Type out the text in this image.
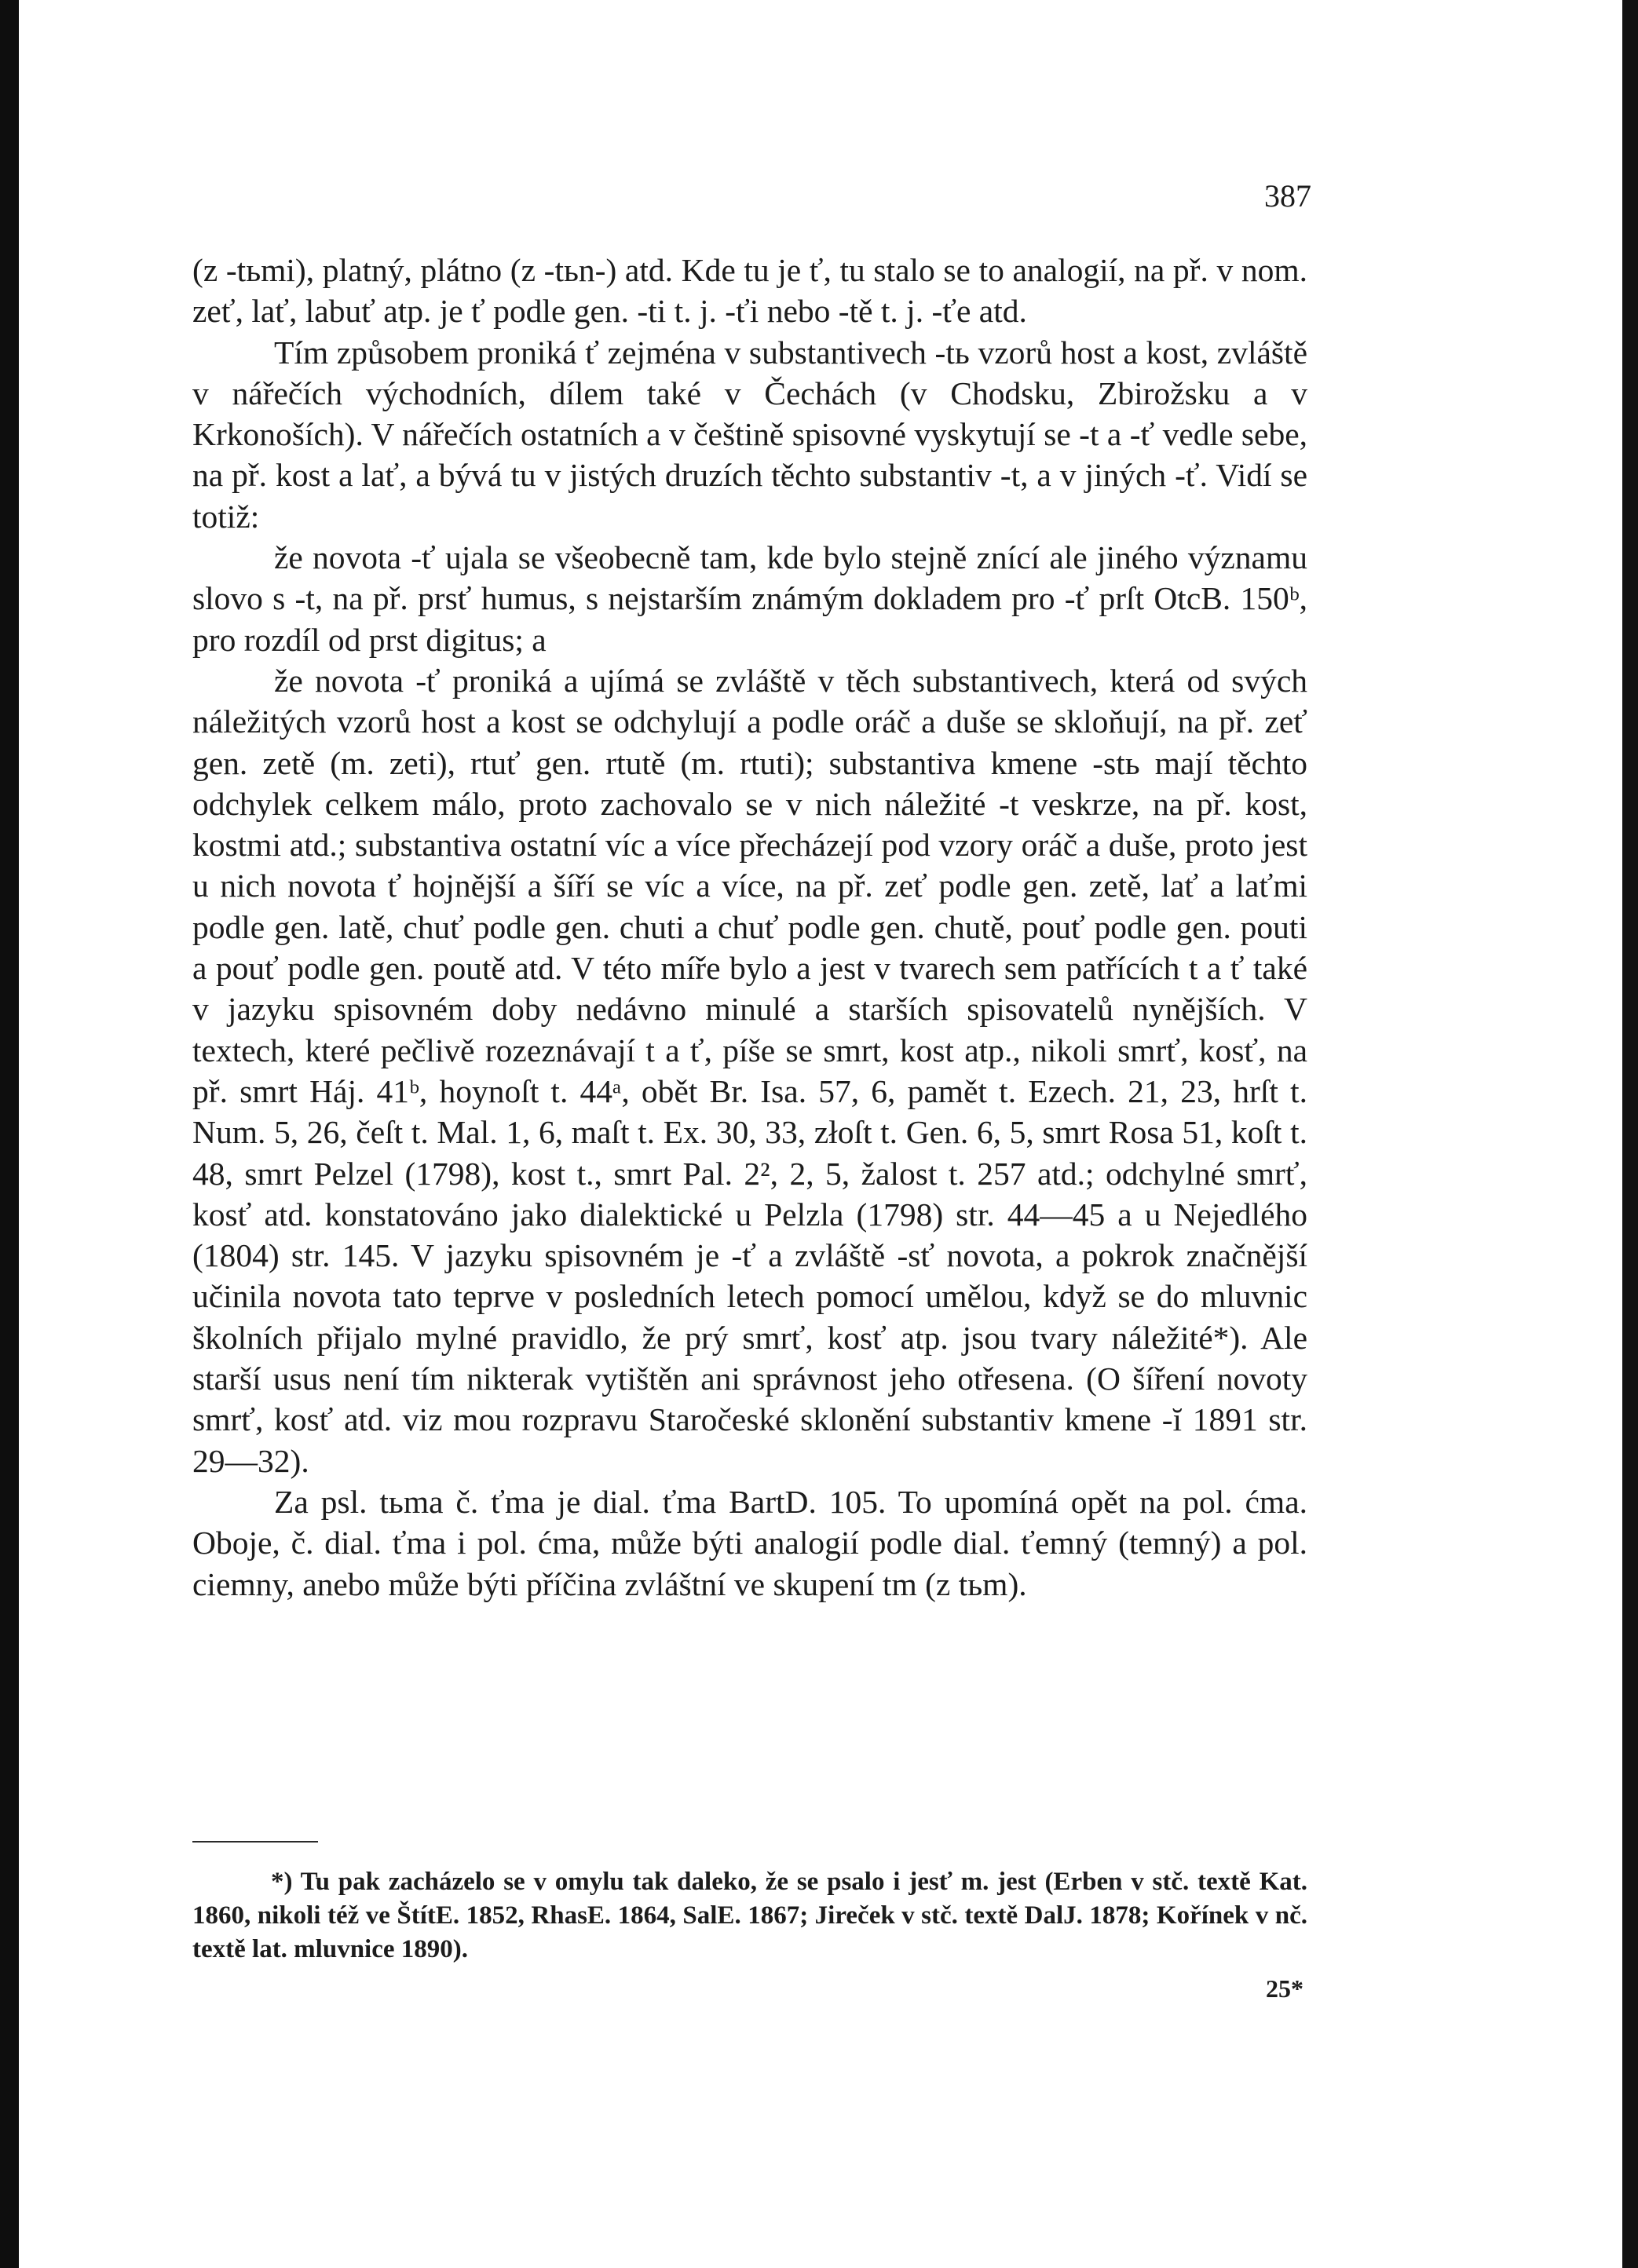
387

(z -tьmi), platný, plátno (z -tьn-) atd. Kde tu je ť, tu stalo se to analogií, na př. v nom. zeť, lať, labuť atp. je ť podle gen. -ti t. j. -ťi nebo -tě t. j. -ťe atd.

Tím způsobem proniká ť zejména v substantivech -tь vzorů host a kost, zvláště v nářečích východních, dílem také v Čechách (v Chodsku, Zbirožsku a v Krkonoších). V nářečích ostatních a v češtině spisovné vyskytují se -t a -ť vedle sebe, na př. kost a lať, a bývá tu v jistých druzích těchto substantiv -t, a v jiných -ť. Vidí se totiž:

že novota -ť ujala se všeobecně tam, kde bylo stejně znící ale jiného významu slovo s -t, na př. prsť humus, s nejstarším známým dokladem pro -ť prſt OtcB. 150ᵇ, pro rozdíl od prst digitus; a

že novota -ť proniká a ujímá se zvláště v těch substantivech, která od svých náležitých vzorů host a kost se odchylují a podle oráč a duše se skloňují, na př. zeť gen. zetě (m. zeti), rtuť gen. rtutě (m. rtuti); substantiva kmene -stь mají těchto odchylek celkem málo, proto zachovalo se v nich náležité -t veskrze, na př. kost, kostmi atd.; substantiva ostatní víc a více přecházejí pod vzory oráč a duše, proto jest u nich novota ť hojnější a šíří se víc a více, na př. zeť podle gen. zetě, lať a laťmi podle gen. latě, chuť podle gen. chuti a chuť podle gen. chutě, pouť podle gen. pouti a pouť podle gen. poutě atd. V této míře bylo a jest v tvarech sem patřících t a ť také v jazyku spisovném doby nedávno minulé a starších spisovatelů nynějších. V textech, které pečlivě rozeznávají t a ť, píše se smrt, kost atp., nikoli smrť, kosť, na př. smrt Háj. 41ᵇ, hoynoſt t. 44ᵃ, obět Br. Isa. 57, 6, pamět t. Ezech. 21, 23, hrſt t. Num. 5, 26, čeſt t. Mal. 1, 6, maſt t. Ex. 30, 33, złoſt t. Gen. 6, 5, smrt Rosa 51, koſt t. 48, smrt Pelzel (1798), kost t., smrt Pal. 2², 2, 5, žalost t. 257 atd.; odchylné smrť, kosť atd. konstatováno jako dialektické u Pelzla (1798) str. 44—45 a u Nejedlého (1804) str. 145. V jazyku spisovném je -ť a zvláště -sť novota, a pokrok značnější učinila novota tato teprve v posledních letech pomocí umělou, když se do mluvnic školních přijalo mylné pravidlo, že prý smrť, kosť atp. jsou tvary náležité*). Ale starší usus není tím nikterak vytištěn ani správnost jeho otřesena. (O šíření novoty smrť, kosť atd. viz mou rozpravu Staročeské sklonění substantiv kmene -ĭ 1891 str. 29—32).

Za psl. tьma č. ťma je dial. ťma BartD. 105. To upomíná opět na pol. ćma. Oboje, č. dial. ťma i pol. ćma, může býti analogií podle dial. ťemný (temný) a pol. ciemny, anebo může býti příčina zvláštní ve skupení tm (z tьm).

*) Tu pak zacházelo se v omylu tak daleko, že se psalo i jesť m. jest (Erben v stč. textě Kat. 1860, nikoli též ve ŠtítE. 1852, RhasE. 1864, SalE. 1867; Jireček v stč. textě DalJ. 1878; Kořínek v nč. textě lat. mluvnice 1890).

25*
